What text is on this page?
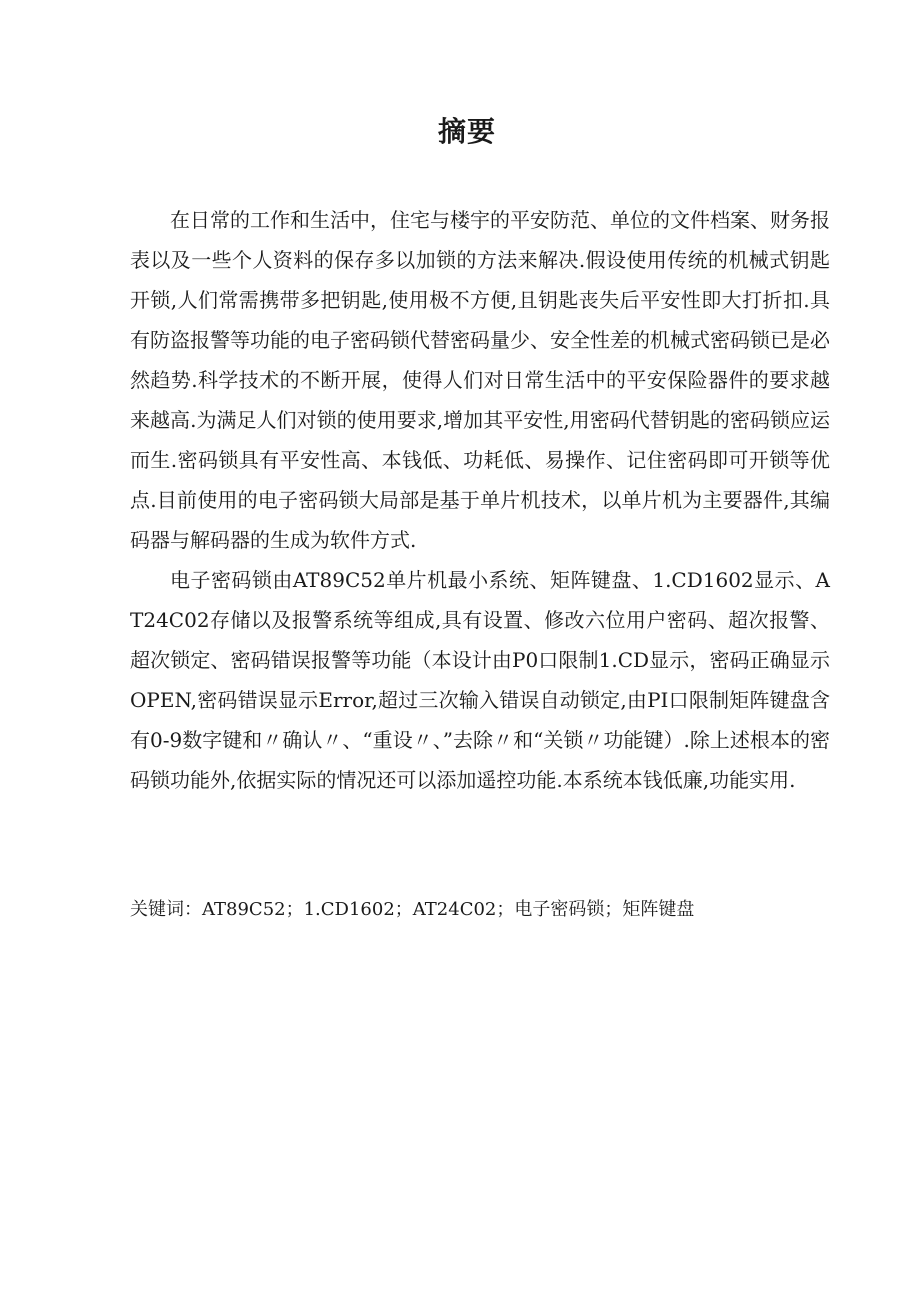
摘要

在日常的工作和生活中，住宅与楼宇的平安防范、单位的文件档案、财务报表以及一些个人资料的保存多以加锁的方法来解决.假设使用传统的机械式钥匙开锁,人们常需携带多把钥匙,使用极不方便,且钥匙丧失后平安性即大打折扣.具有防盗报警等功能的电子密码锁代替密码量少、安全性差的机械式密码锁已是必然趋势.科学技术的不断开展，使得人们对日常生活中的平安保险器件的要求越来越高.为满足人们对锁的使用要求,增加其平安性,用密码代替钥匙的密码锁应运而生.密码锁具有平安性高、本钱低、功耗低、易操作、记住密码即可开锁等优点.目前使用的电子密码锁大局部是基于单片机技术，以单片机为主要器件,其编码器与解码器的生成为软件方式.

电子密码锁由AT89C52单片机最小系统、矩阵键盘、1.CD1602显示、AT24C02存储以及报警系统等组成,具有设置、修改六位用户密码、超次报警、超次锁定、密码错误报警等功能（本设计由P0口限制1.CD显示，密码正确显示OPEN,密码错误显示Error,超过三次输入错误自动锁定,由PI口限制矩阵键盘含有0-9数字键和〃确认〃、“重设〃、”去除〃和“关锁〃功能键）.除上述根本的密码锁功能外,依据实际的情况还可以添加遥控功能.本系统本钱低廉,功能实用.

关键词：AT89C52；1.CD1602；AT24C02；电子密码锁；矩阵键盘
